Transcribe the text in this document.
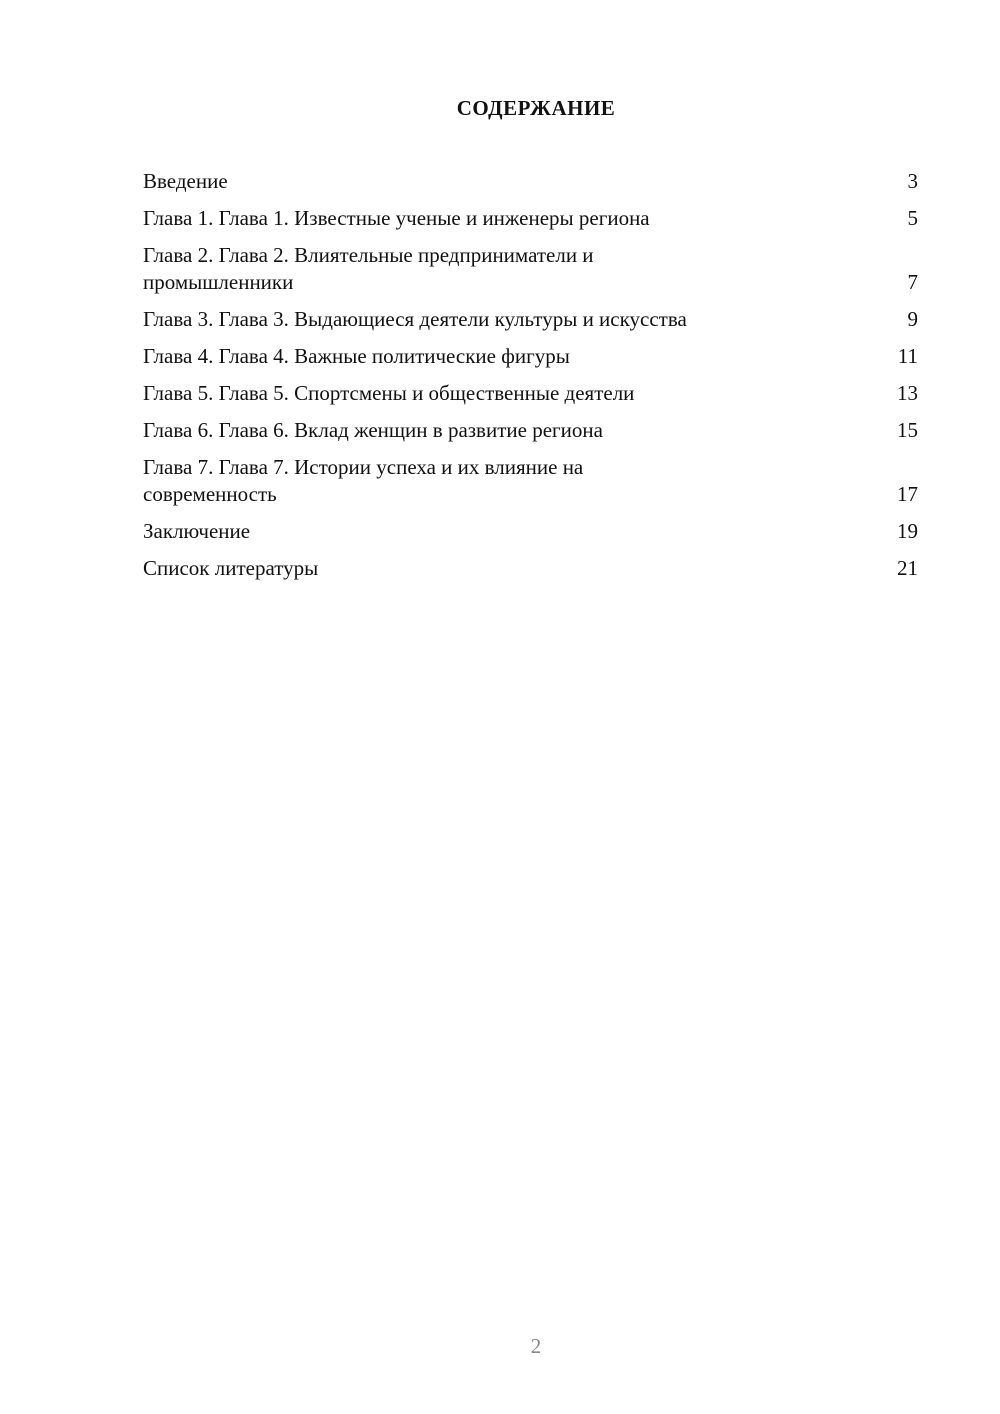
СОДЕРЖАНИЕ
Введение	3
Глава 1. Глава 1. Известные ученые и инженеры региона	5
Глава 2. Глава 2. Влиятельные предприниматели и промышленники	7
Глава 3. Глава 3. Выдающиеся деятели культуры и искусства	9
Глава 4. Глава 4. Важные политические фигуры	11
Глава 5. Глава 5. Спортсмены и общественные деятели	13
Глава 6. Глава 6. Вклад женщин в развитие региона	15
Глава 7. Глава 7. Истории успеха и их влияние на современность	17
Заключение	19
Список литературы	21
2
